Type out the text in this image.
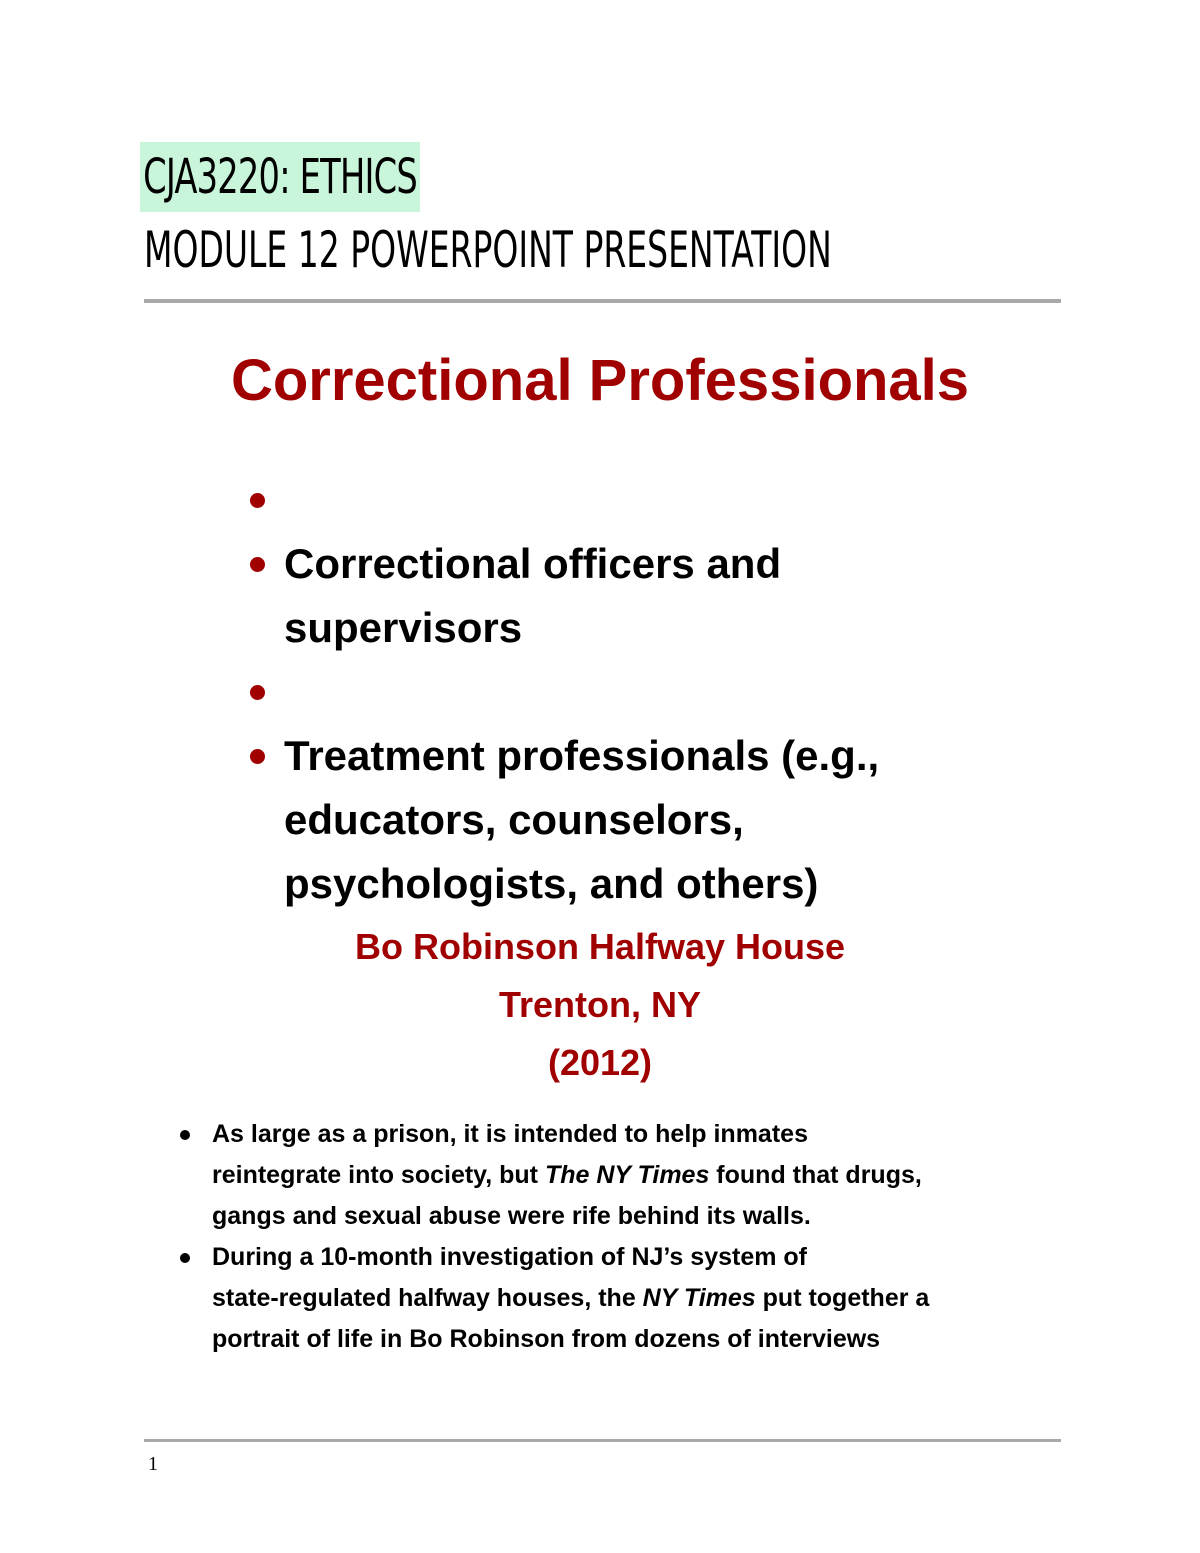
CJA3220: ETHICS
MODULE 12 POWERPOINT PRESENTATION
Correctional Professionals
Correctional officers and
supervisors
Treatment professionals (e.g.,
educators, counselors,
psychologists, and others)
Bo Robinson Halfway House
Trenton, NY
(2012)
As large as a prison, it is intended to help inmates
reintegrate into society, but The NY Times found that drugs,
gangs and sexual abuse were rife behind its walls.
During a 10-month investigation of NJ’s system of
state-regulated halfway houses, the NY Times put together a
portrait of life in Bo Robinson from dozens of interviews
1
